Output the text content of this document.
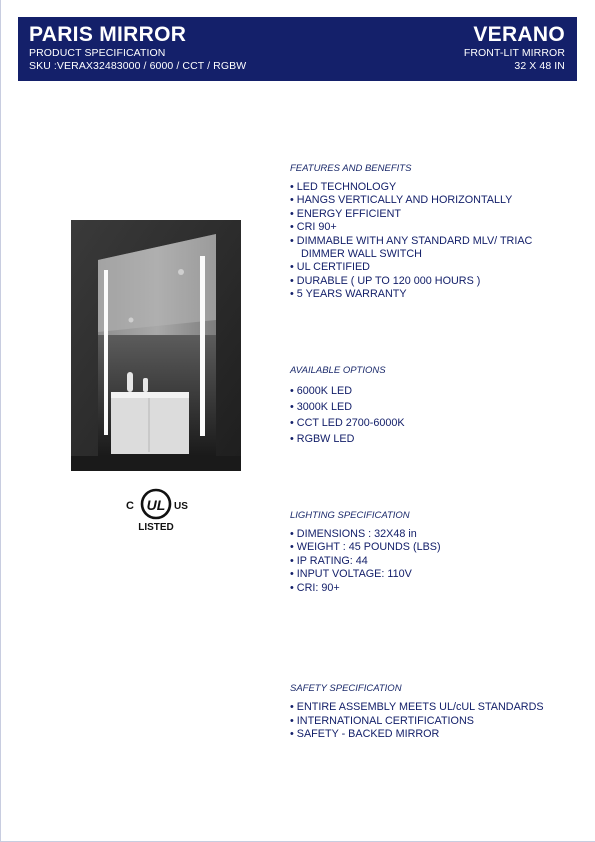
PARIS MIRROR
PRODUCT SPECIFICATION
SKU :VERAX32483000 / 6000 / CCT / RGBW
VERANO
FRONT-LIT MIRROR
32 X 48 IN
C UL US
LISTED
FEATURES AND BENEFITS
• LED TECHNOLOGY
• HANGS VERTICALLY AND HORIZONTALLY
• ENERGY EFFICIENT
• CRI 90+
• DIMMABLE WITH ANY STANDARD MLV/ TRIAC
DIMMER WALL SWITCH
• UL CERTIFIED
• DURABLE ( UP TO 120 000 HOURS )
• 5 YEARS WARRANTY
AVAILABLE OPTIONS
• 6000K LED
• 3000K LED
• CCT LED 2700-6000K
• RGBW LED
LIGHTING SPECIFICATION
• DIMENSIONS : 32X48 in
• WEIGHT : 45 POUNDS (LBS)
• IP RATING: 44
• INPUT VOLTAGE: 110V
• CRI: 90+
SAFETY SPECIFICATION
• ENTIRE ASSEMBLY MEETS UL/cUL STANDARDS
• INTERNATIONAL CERTIFICATIONS
• SAFETY - BACKED MIRROR
